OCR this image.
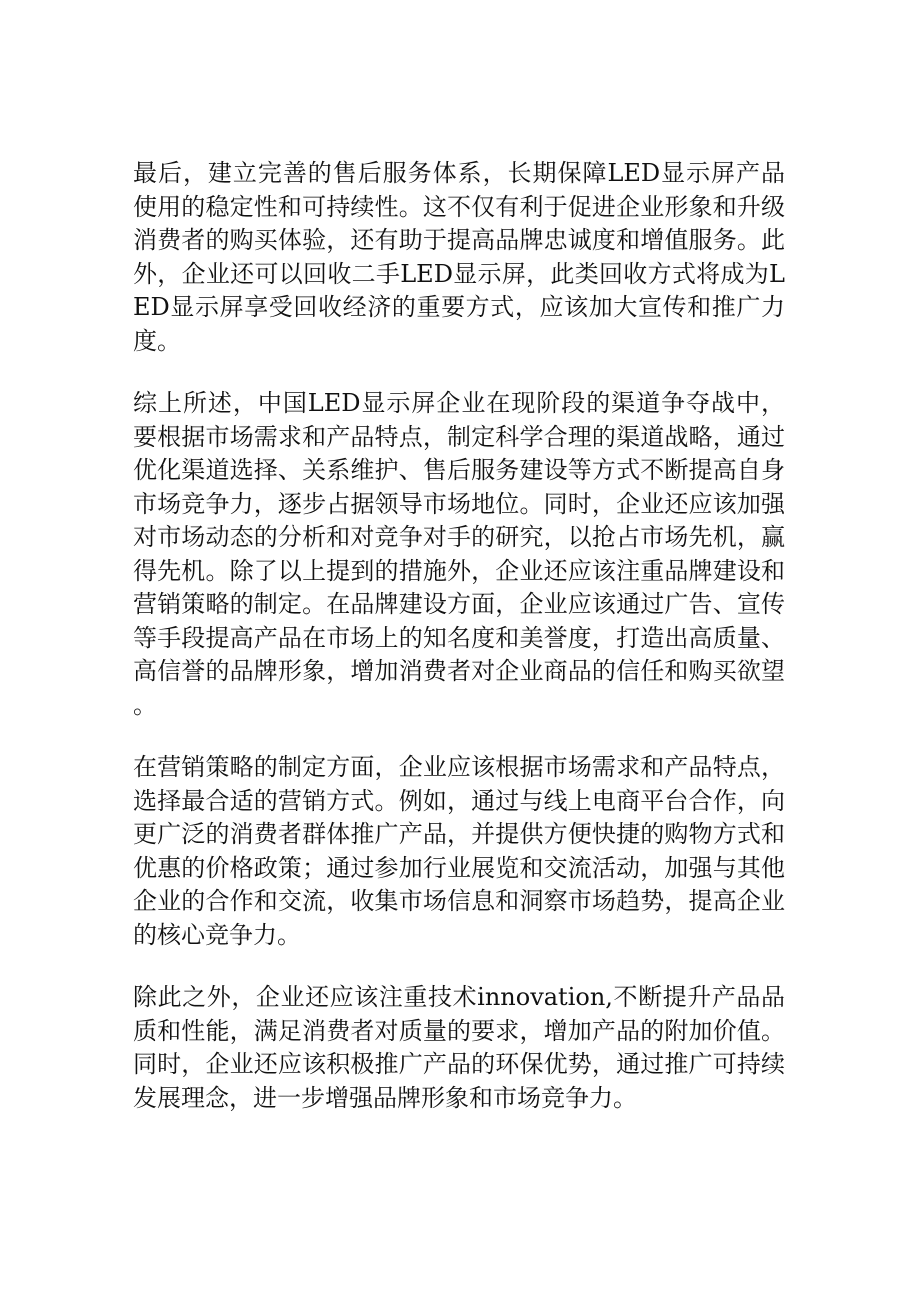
最后，建立完善的售后服务体系，长期保障LED显示屏产品使用的稳定性和可持续性。这不仅有利于促进企业形象和升级消费者的购买体验，还有助于提高品牌忠诚度和增值服务。此外，企业还可以回收二手LED显示屏，此类回收方式将成为LED显示屏享受回收经济的重要方式，应该加大宣传和推广力度。

综上所述，中国LED显示屏企业在现阶段的渠道争夺战中，要根据市场需求和产品特点，制定科学合理的渠道战略，通过优化渠道选择、关系维护、售后服务建设等方式不断提高自身市场竞争力，逐步占据领导市场地位。同时，企业还应该加强对市场动态的分析和对竞争对手的研究，以抢占市场先机，赢得先机。除了以上提到的措施外，企业还应该注重品牌建设和营销策略的制定。在品牌建设方面，企业应该通过广告、宣传等手段提高产品在市场上的知名度和美誉度，打造出高质量、高信誉的品牌形象，增加消费者对企业商品的信任和购买欲望。

在营销策略的制定方面，企业应该根据市场需求和产品特点，选择最合适的营销方式。例如，通过与线上电商平台合作，向更广泛的消费者群体推广产品，并提供方便快捷的购物方式和优惠的价格政策；通过参加行业展览和交流活动，加强与其他企业的合作和交流，收集市场信息和洞察市场趋势，提高企业的核心竞争力。

除此之外，企业还应该注重技术innovation,不断提升产品品质和性能，满足消费者对质量的要求，增加产品的附加价值。同时，企业还应该积极推广产品的环保优势，通过推广可持续发展理念，进一步增强品牌形象和市场竞争力。
